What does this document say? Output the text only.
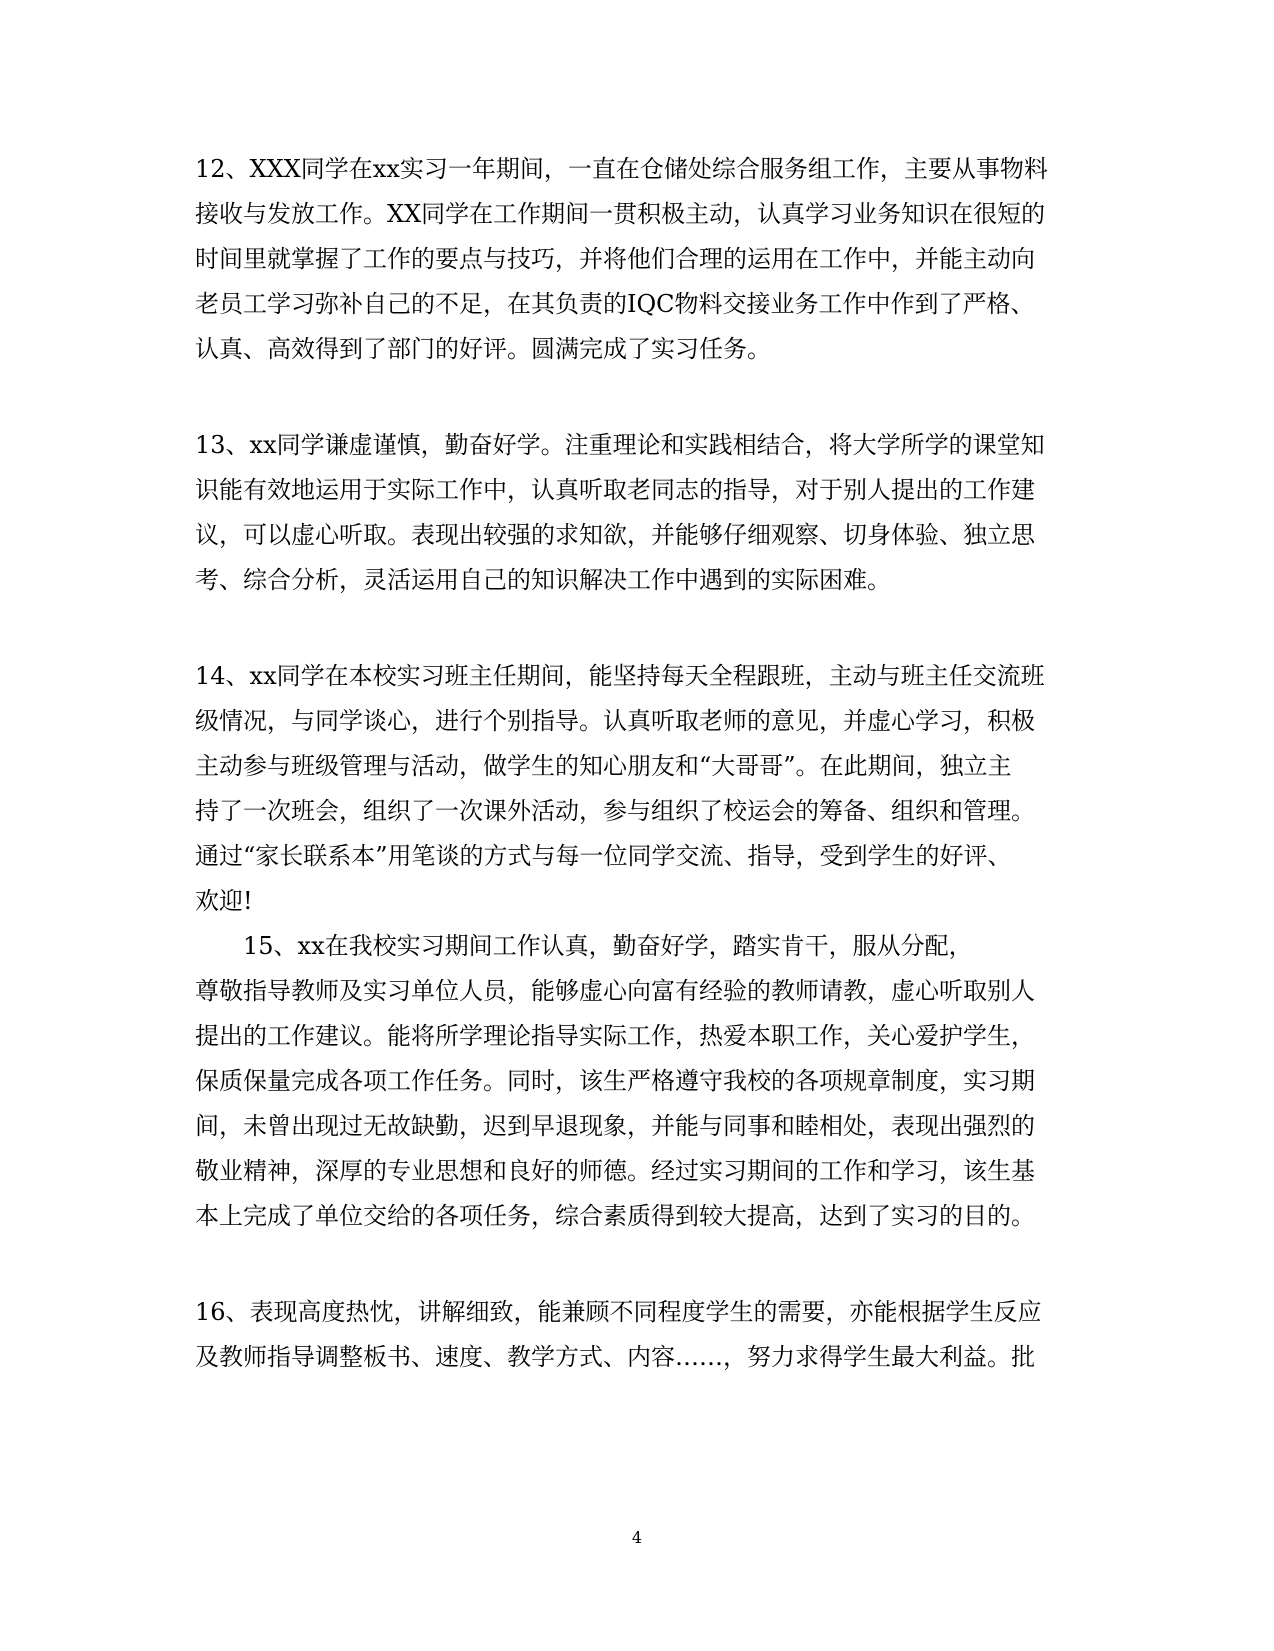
12、XXX同学在xx实习一年期间，一直在仓储处综合服务组工作，主要从事物料
接收与发放工作。XX同学在工作期间一贯积极主动，认真学习业务知识在很短的
时间里就掌握了工作的要点与技巧，并将他们合理的运用在工作中，并能主动向
老员工学习弥补自己的不足，在其负责的IQC物料交接业务工作中作到了严格、
认真、高效得到了部门的好评。圆满完成了实习任务。
13、xx同学谦虚谨慎，勤奋好学。注重理论和实践相结合，将大学所学的课堂知
识能有效地运用于实际工作中，认真听取老同志的指导，对于别人提出的工作建
议，可以虚心听取。表现出较强的求知欲，并能够仔细观察、切身体验、独立思
考、综合分析，灵活运用自己的知识解决工作中遇到的实际困难。
14、xx同学在本校实习班主任期间，能坚持每天全程跟班，主动与班主任交流班
级情况，与同学谈心，进行个别指导。认真听取老师的意见，并虚心学习，积极
主动参与班级管理与活动，做学生的知心朋友和“大哥哥”。在此期间，独立主
持了一次班会，组织了一次课外活动，参与组织了校运会的筹备、组织和管理。
通过“家长联系本”用笔谈的方式与每一位同学交流、指导，受到学生的好评、
欢迎!
15、xx在我校实习期间工作认真，勤奋好学，踏实肯干，服从分配，
尊敬指导教师及实习单位人员，能够虚心向富有经验的教师请教，虚心听取别人
提出的工作建议。能将所学理论指导实际工作，热爱本职工作，关心爱护学生，
保质保量完成各项工作任务。同时，该生严格遵守我校的各项规章制度，实习期
间，未曾出现过无故缺勤，迟到早退现象，并能与同事和睦相处，表现出强烈的
敬业精神，深厚的专业思想和良好的师德。经过实习期间的工作和学习，该生基
本上完成了单位交给的各项任务，综合素质得到较大提高，达到了实习的目的。
16、表现高度热忱，讲解细致，能兼顾不同程度学生的需要，亦能根据学生反应
及教师指导调整板书、速度、教学方式、内容……，努力求得学生最大利益。批
4
